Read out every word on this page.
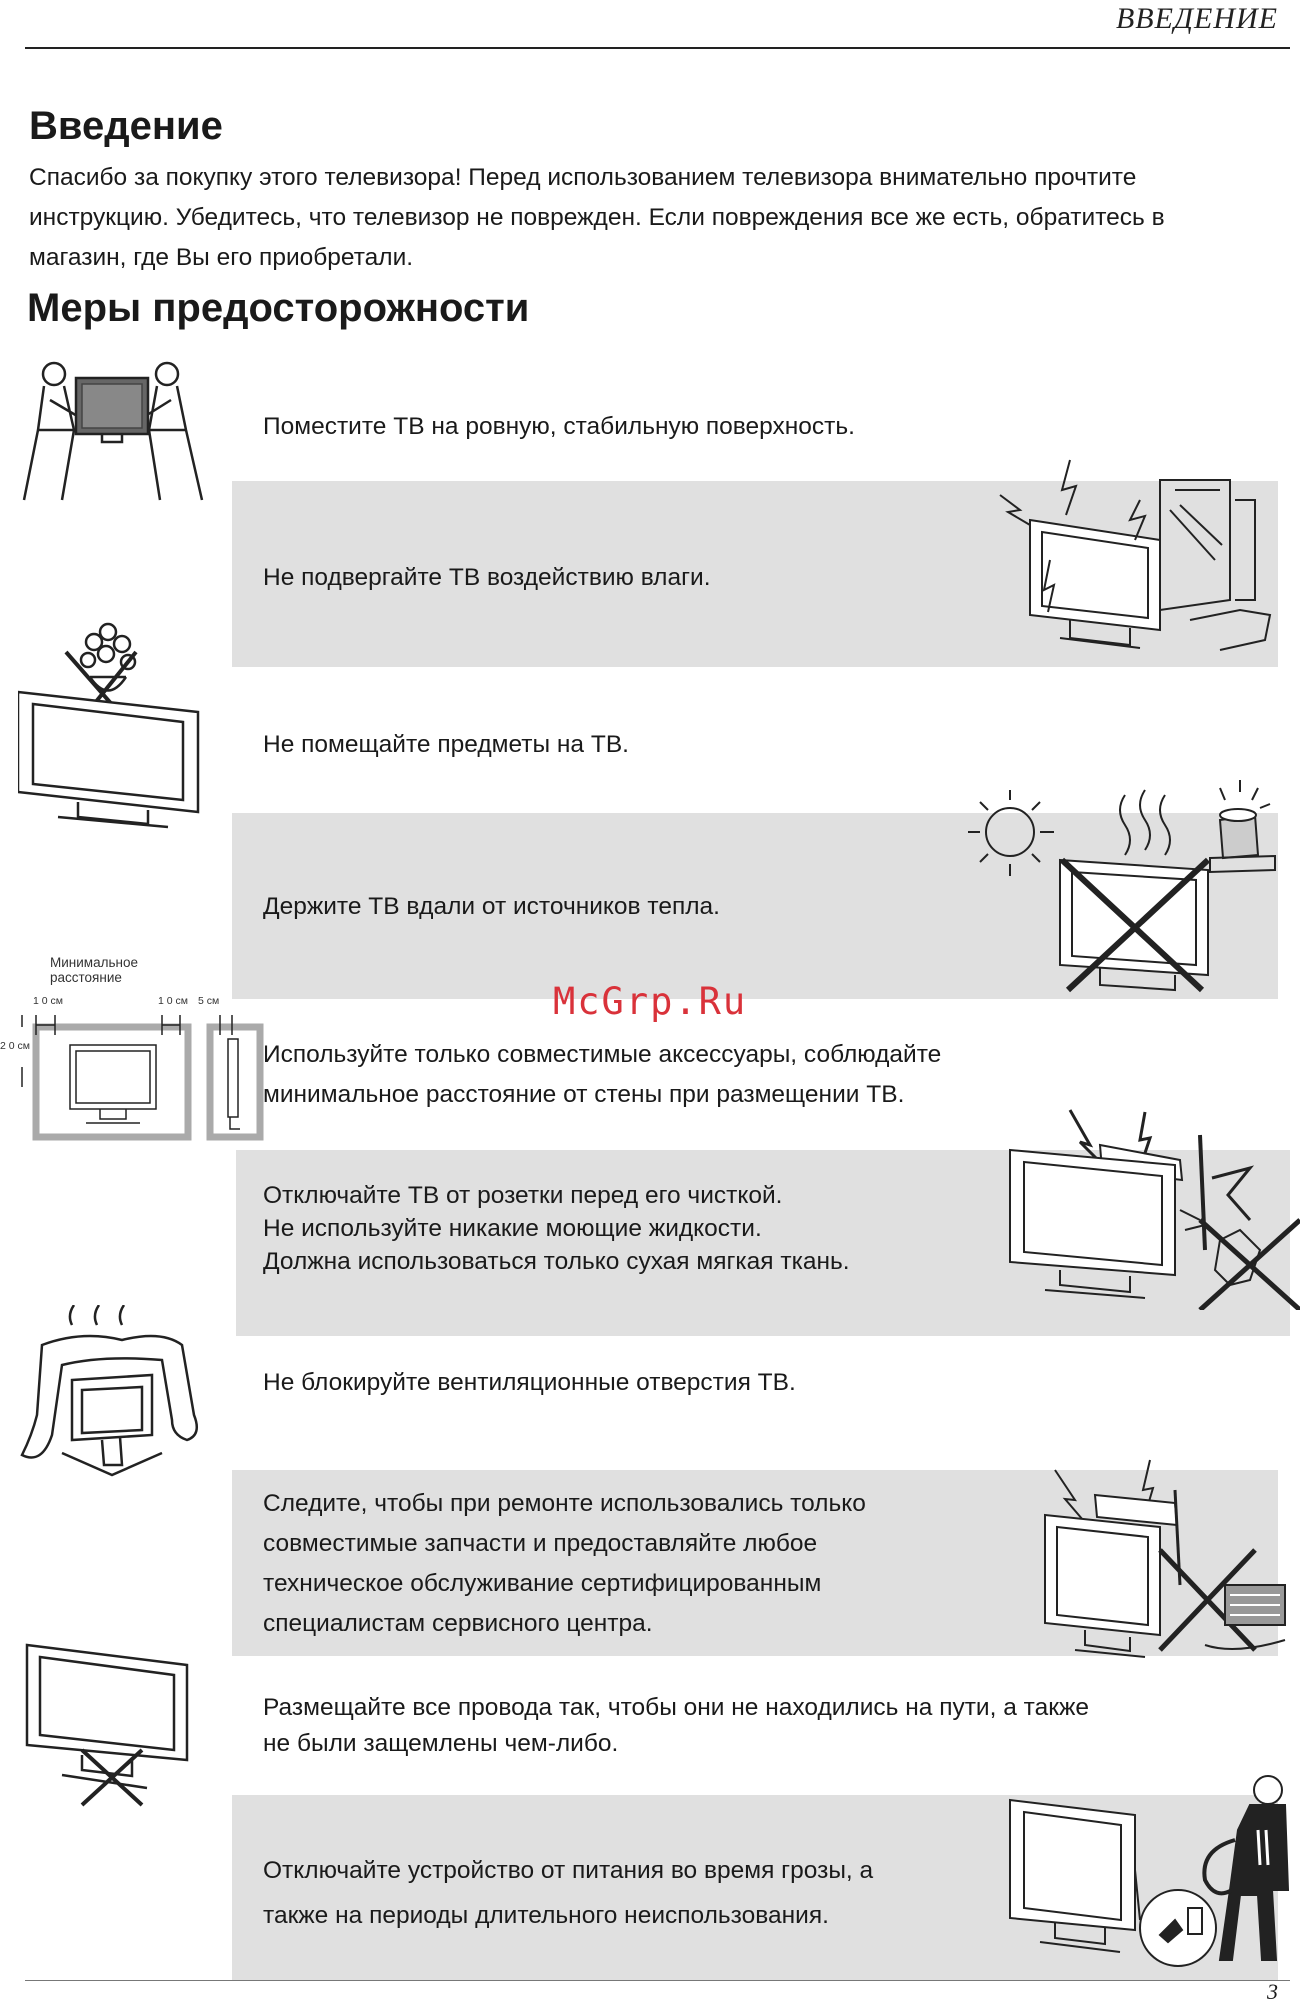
ВВЕДЕНИЕ
Введение
Спасибо за покупку этого телевизора! Перед использованием телевизора внимательно прочтите инструкцию. Убедитесь, что телевизор не поврежден. Если повреждения все же есть, обратитесь в магазин, где Вы его приобретали.
Меры предосторожности
Поместите ТВ на ровную, стабильную поверхность.
Не подвергайте ТВ воздействию влаги.
Не помещайте предметы на ТВ.
Держите ТВ вдали от источников тепла.
Используйте только совместимые аксессуары, соблюдайте
минимальное расстояние от стены при размещении ТВ.
Отключайте ТВ от розетки перед его чисткой.
Не используйте никакие моющие жидкости.
Должна использоваться только сухая мягкая ткань.
Не блокируйте вентиляционные отверстия ТВ.
Следите, чтобы при ремонте использовались только
совместимые запчасти и предоставляйте любое
техническое обслуживание сертифицированным
специалистам сервисного центра.
Размещайте все провода так, чтобы они не находились на пути, а также
не были защемлены чем-либо.
Отключайте устройство от питания во время грозы, а
также на периоды длительного неиспользования.
McGrp.Ru
Минимальное
расстояние
1 0 см	1 0 см 5 см
2 0 см
3
